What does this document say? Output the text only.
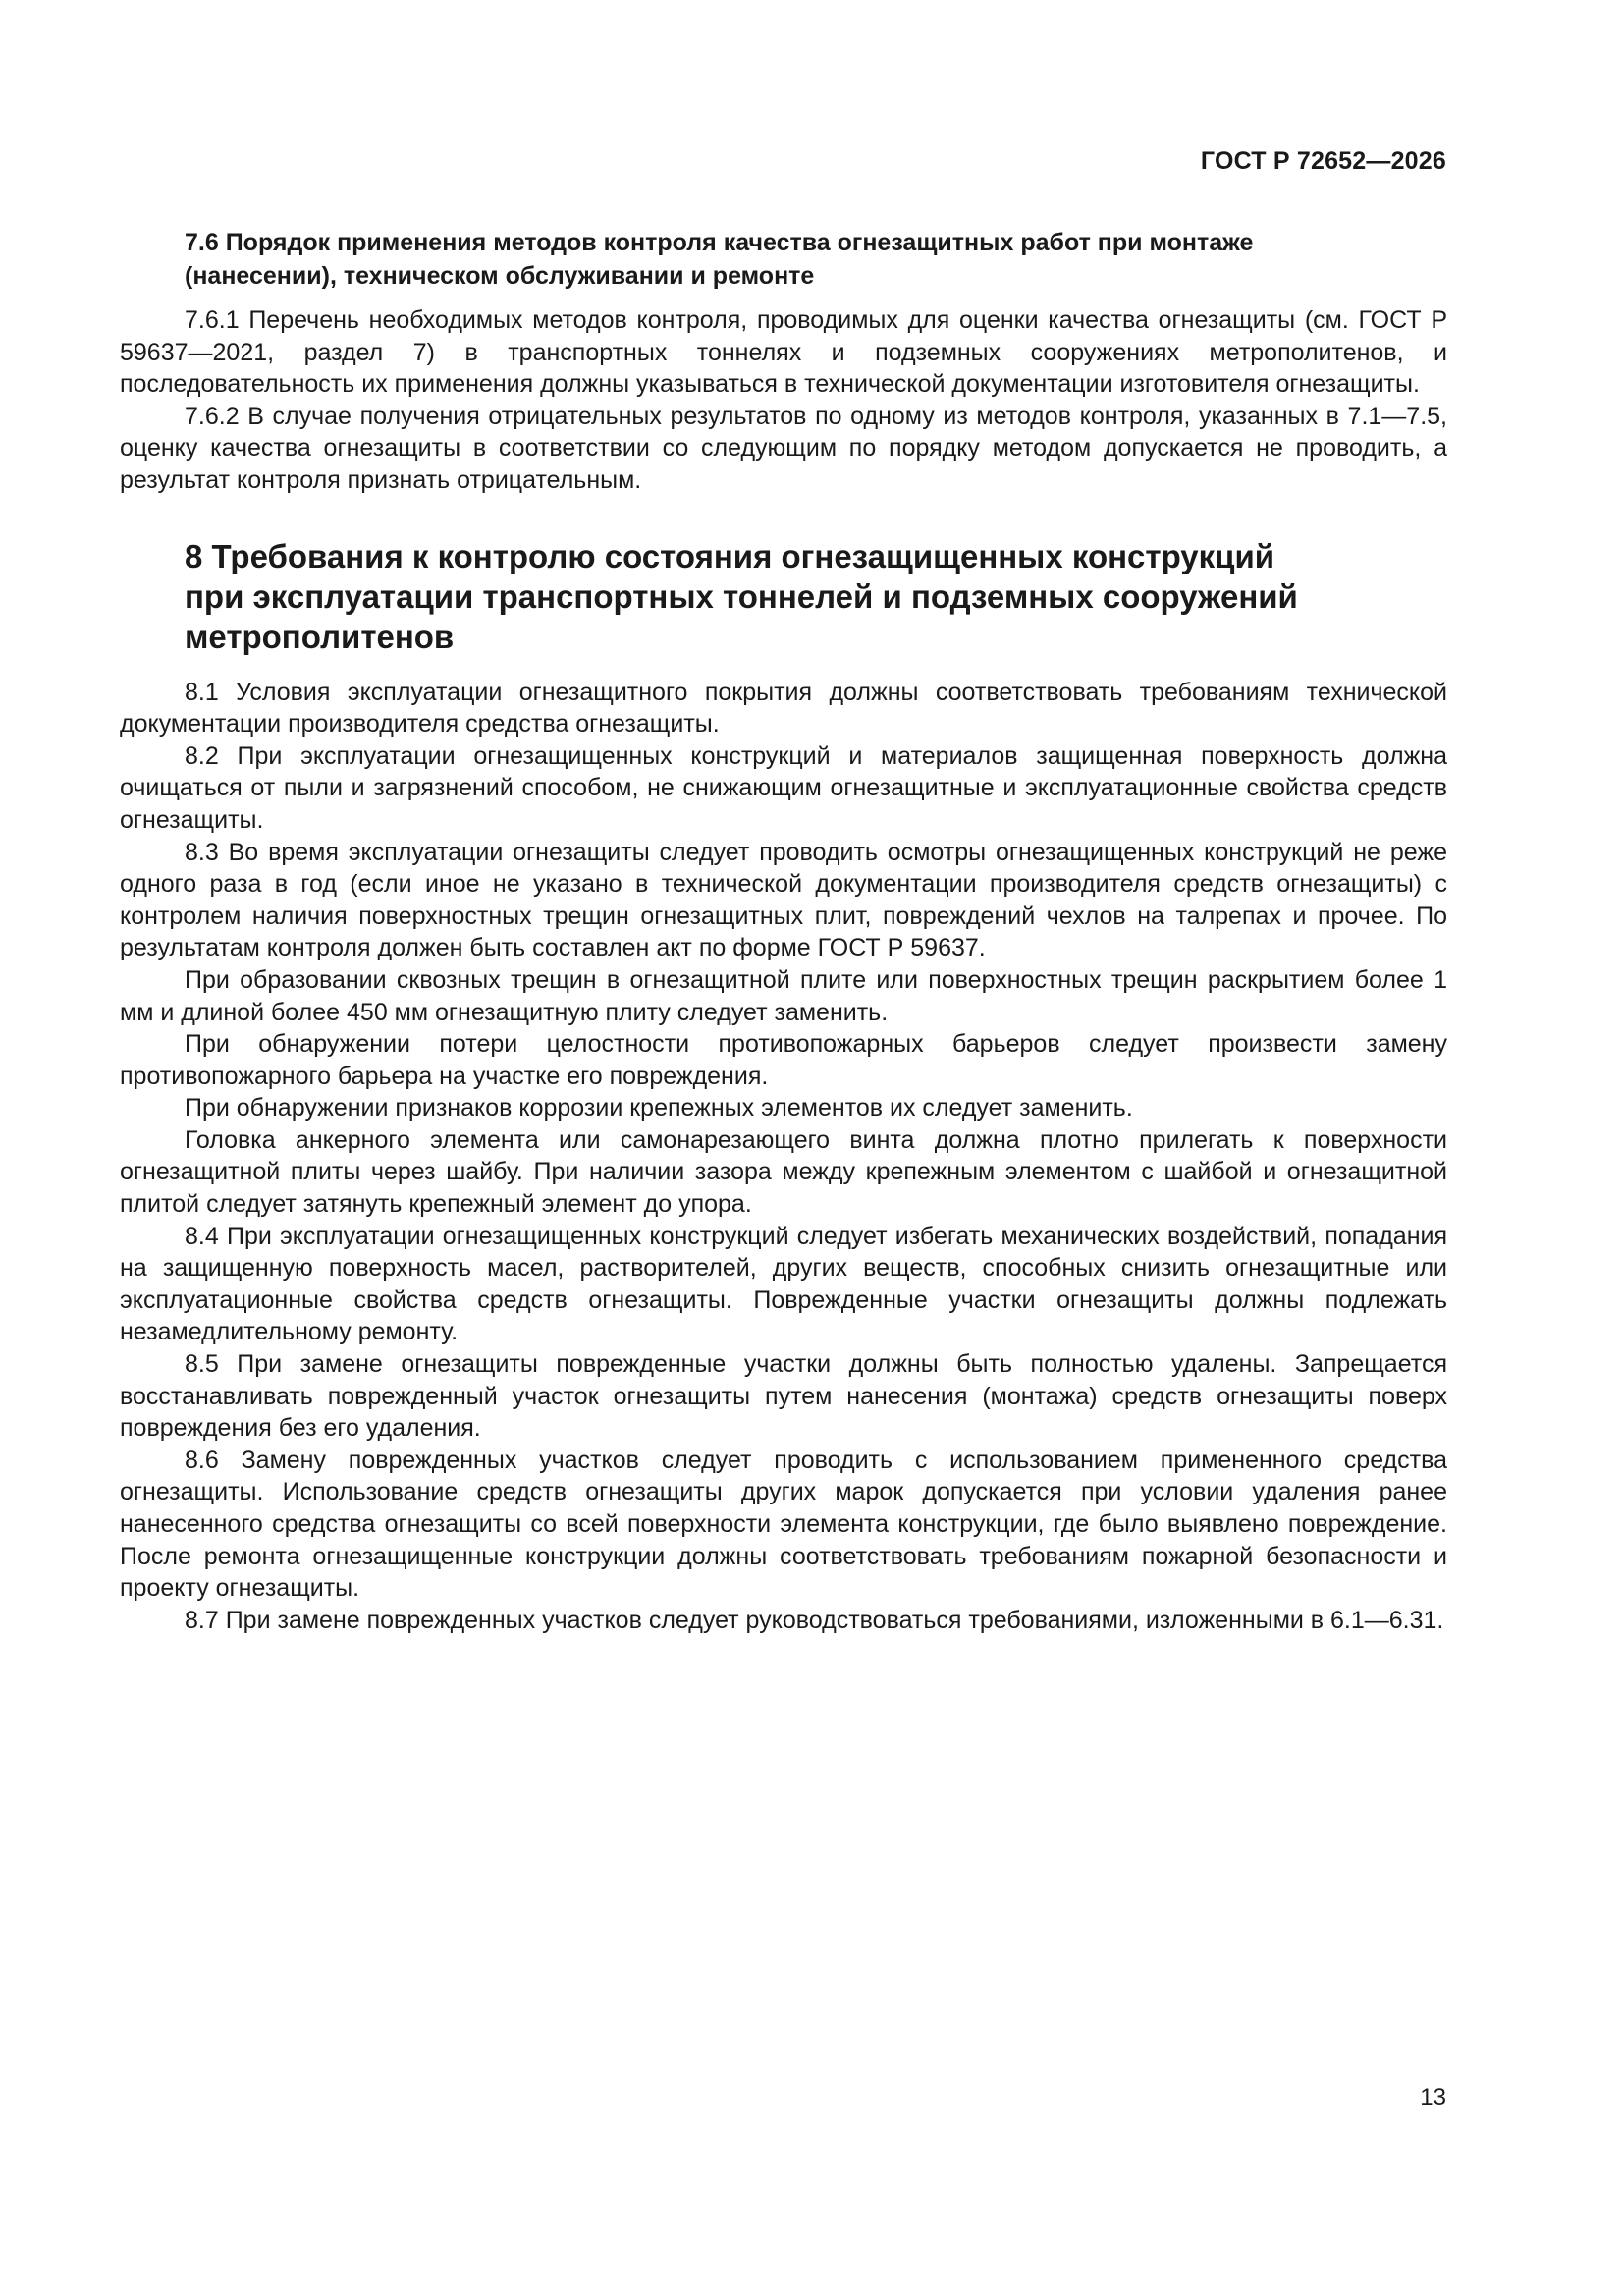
ГОСТ Р 72652—2026
7.6 Порядок применения методов контроля качества огнезащитных работ при монтаже
(нанесении), техническом обслуживании и ремонте

7.6.1 Перечень необходимых методов контроля, проводимых для оценки качества огнезащиты (см. ГОСТ Р 59637—2021, раздел 7) в транспортных тоннелях и подземных сооружениях метрополитенов, и последовательность их применения должны указываться в технической документации изготовителя огнезащиты.

7.6.2 В случае получения отрицательных результатов по одному из методов контроля, указанных в 7.1—7.5, оценку качества огнезащиты в соответствии со следующим по порядку методом допускается не проводить, а результат контроля признать отрицательным.

8 Требования к контролю состояния огнезащищенных конструкций
при эксплуатации транспортных тоннелей и подземных сооружений
метрополитенов

8.1 Условия эксплуатации огнезащитного покрытия должны соответствовать требованиям технической документации производителя средства огнезащиты.

8.2 При эксплуатации огнезащищенных конструкций и материалов защищенная поверхность должна очищаться от пыли и загрязнений способом, не снижающим огнезащитные и эксплуатационные свойства средств огнезащиты.

8.3 Во время эксплуатации огнезащиты следует проводить осмотры огнезащищенных конструкций не реже одного раза в год (если иное не указано в технической документации производителя средств огнезащиты) с контролем наличия поверхностных трещин огнезащитных плит, повреждений чехлов на талрепах и прочее. По результатам контроля должен быть составлен акт по форме ГОСТ Р 59637.

При образовании сквозных трещин в огнезащитной плите или поверхностных трещин раскрытием более 1 мм и длиной более 450 мм огнезащитную плиту следует заменить.

При обнаружении потери целостности противопожарных барьеров следует произвести замену противопожарного барьера на участке его повреждения.

При обнаружении признаков коррозии крепежных элементов их следует заменить.

Головка анкерного элемента или самонарезающего винта должна плотно прилегать к поверхности огнезащитной плиты через шайбу. При наличии зазора между крепежным элементом с шайбой и огнезащитной плитой следует затянуть крепежный элемент до упора.

8.4 При эксплуатации огнезащищенных конструкций следует избегать механических воздействий, попадания на защищенную поверхность масел, растворителей, других веществ, способных снизить огнезащитные или эксплуатационные свойства средств огнезащиты. Поврежденные участки огнезащиты должны подлежать незамедлительному ремонту.

8.5 При замене огнезащиты поврежденные участки должны быть полностью удалены. Запрещается восстанавливать поврежденный участок огнезащиты путем нанесения (монтажа) средств огнезащиты поверх повреждения без его удаления.

8.6 Замену поврежденных участков следует проводить с использованием примененного средства огнезащиты. Использование средств огнезащиты других марок допускается при условии удаления ранее нанесенного средства огнезащиты со всей поверхности элемента конструкции, где было выявлено повреждение. После ремонта огнезащищенные конструкции должны соответствовать требованиям пожарной безопасности и проекту огнезащиты.

8.7 При замене поврежденных участков следует руководствоваться требованиями, изложенными в 6.1—6.31.

13
